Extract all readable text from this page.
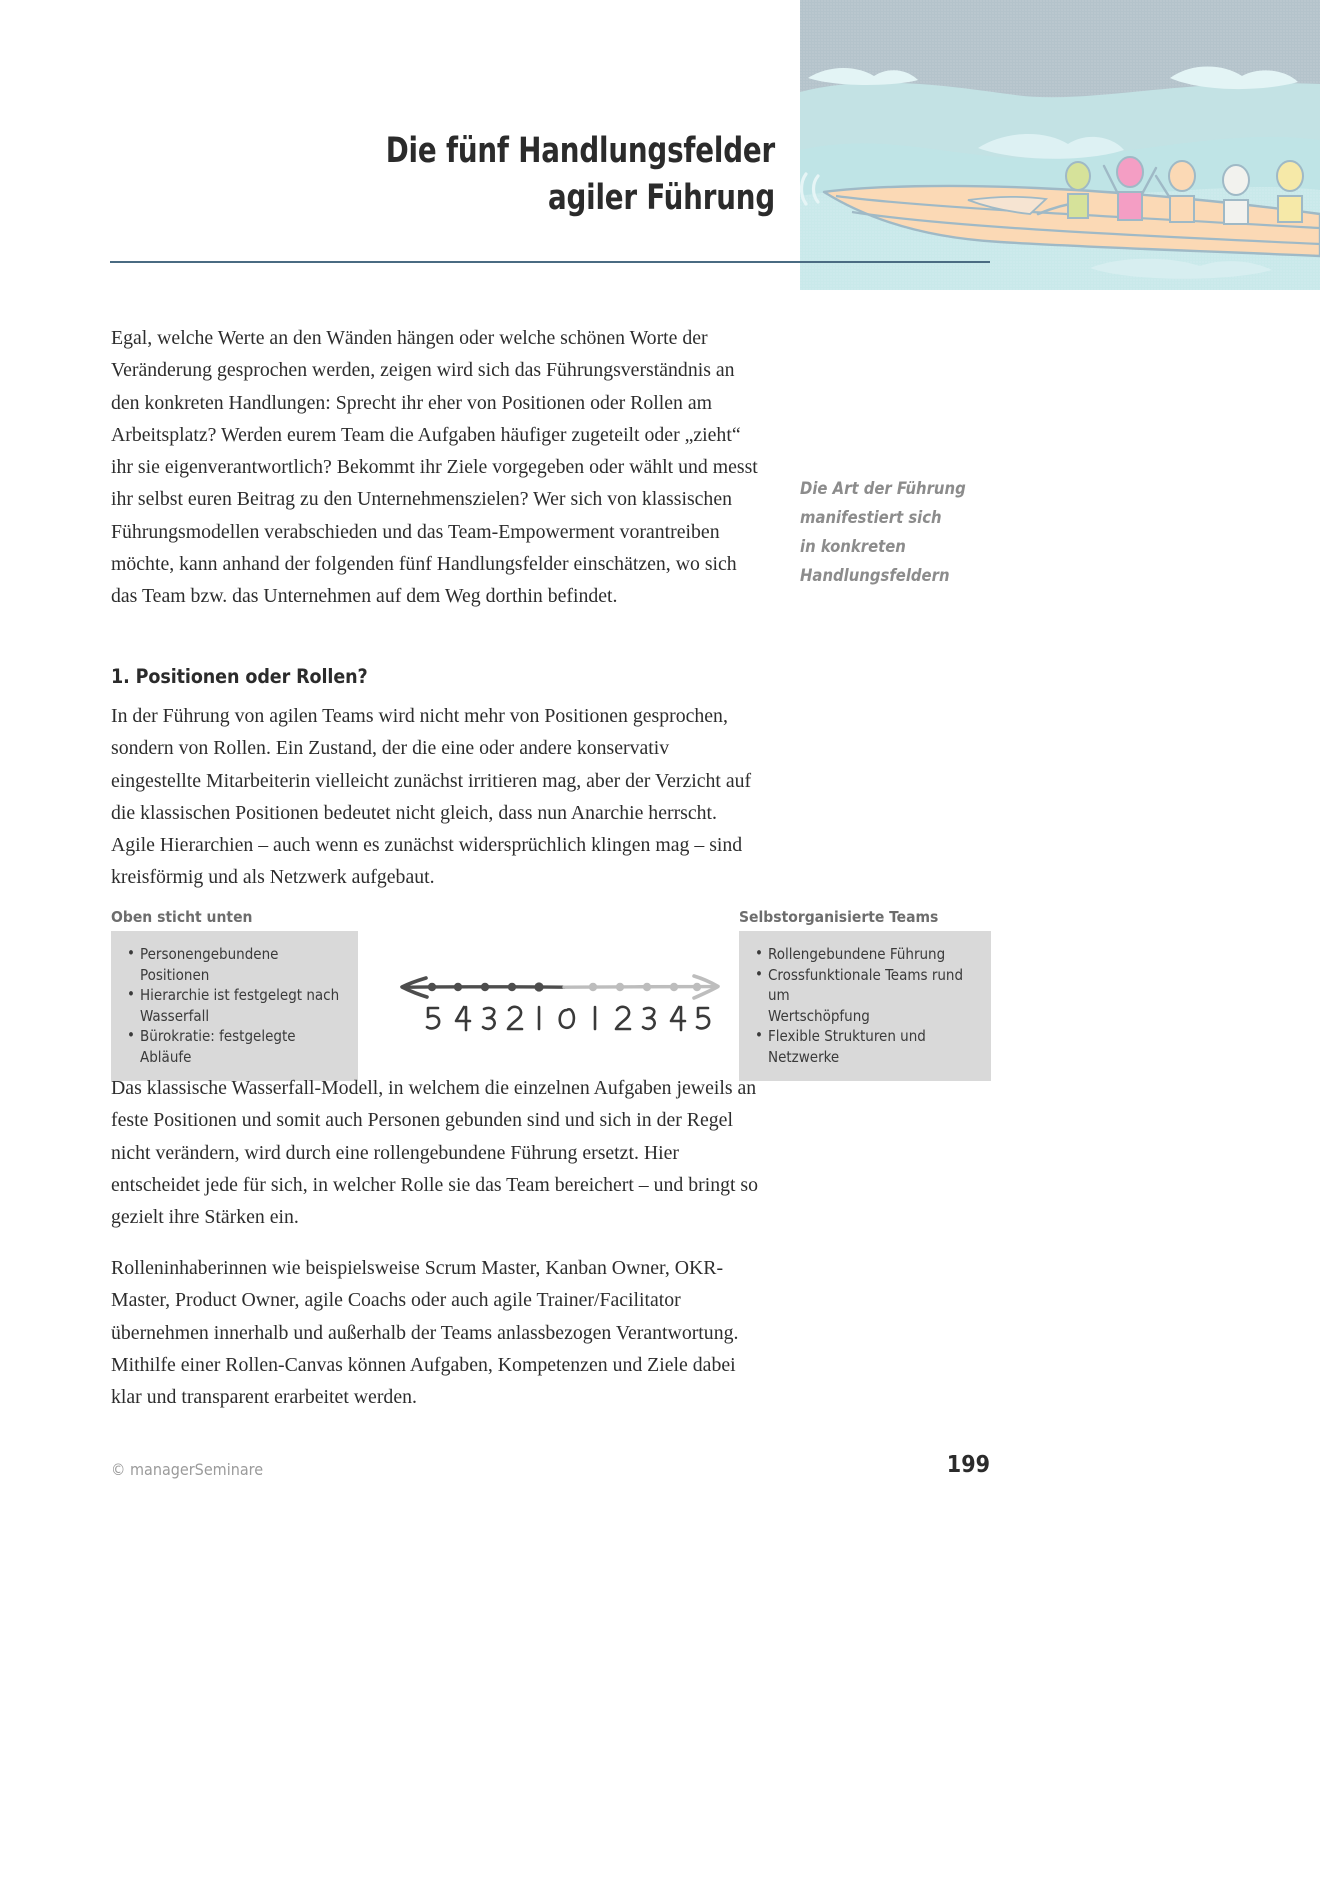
Die fünf Handlungsfelder
agiler Führung
Die Art der Führung
manifestiert sich
in konkreten
Handlungsfeldern

Egal, welche Werte an den Wänden hängen oder welche schönen Worte der Veränderung gesprochen werden, zeigen wird sich das Führungsverständnis an den konkreten Handlungen: Sprecht ihr eher von Positionen oder Rollen am Arbeitsplatz? Werden eurem Team die Aufgaben häufiger zugeteilt oder „zieht“ ihr sie eigenverantwortlich? Bekommt ihr Ziele vorgegeben oder wählt und messt ihr selbst euren Beitrag zu den Unternehmenszielen? Wer sich von klassischen Führungsmodellen verabschieden und das Team-Empowerment vorantreiben möchte, kann anhand der folgenden fünf Handlungsfelder einschätzen, wo sich das Team bzw. das Unternehmen auf dem Weg dorthin befindet.

1. Positionen oder Rollen?

In der Führung von agilen Teams wird nicht mehr von Positionen gesprochen, sondern von Rollen. Ein Zustand, der die eine oder andere konservativ eingestellte Mitarbeiterin vielleicht zunächst irritieren mag, aber der Verzicht auf die klassischen Positionen bedeutet nicht gleich, dass nun Anarchie herrscht. Agile Hierarchien – auch wenn es zunächst widersprüchlich klingen mag – sind kreisförmig und als Netzwerk aufgebaut.

Oben sticht unten
• Personengebundene Positionen
• Hierarchie ist festgelegt nach
Wasserfall
• Bürokratie: festgelegte Abläufe
Selbstorganisierte Teams
• Rollengebundene Führung
• Crossfunktionale Teams rund um
Wertschöpfung
• Flexible Strukturen und Netzwerke

Das klassische Wasserfall-Modell, in welchem die einzelnen Aufgaben jeweils an feste Positionen und somit auch Personen gebunden sind und sich in der Regel nicht verändern, wird durch eine rollengebundene Führung ersetzt. Hier entscheidet jede für sich, in welcher Rolle sie das Team bereichert – und bringt so gezielt ihre Stärken ein.

Rolleninhaberinnen wie beispielsweise Scrum Master, Kanban Owner, OKR-Master, Product Owner, agile Coachs oder auch agile Trainer/Facilitator übernehmen innerhalb und außerhalb der Teams anlassbezogen Verantwortung. Mithilfe einer Rollen-Canvas können Aufgaben, Kompetenzen und Ziele dabei klar und transparent erarbeitet werden.

© managerSeminare	199
